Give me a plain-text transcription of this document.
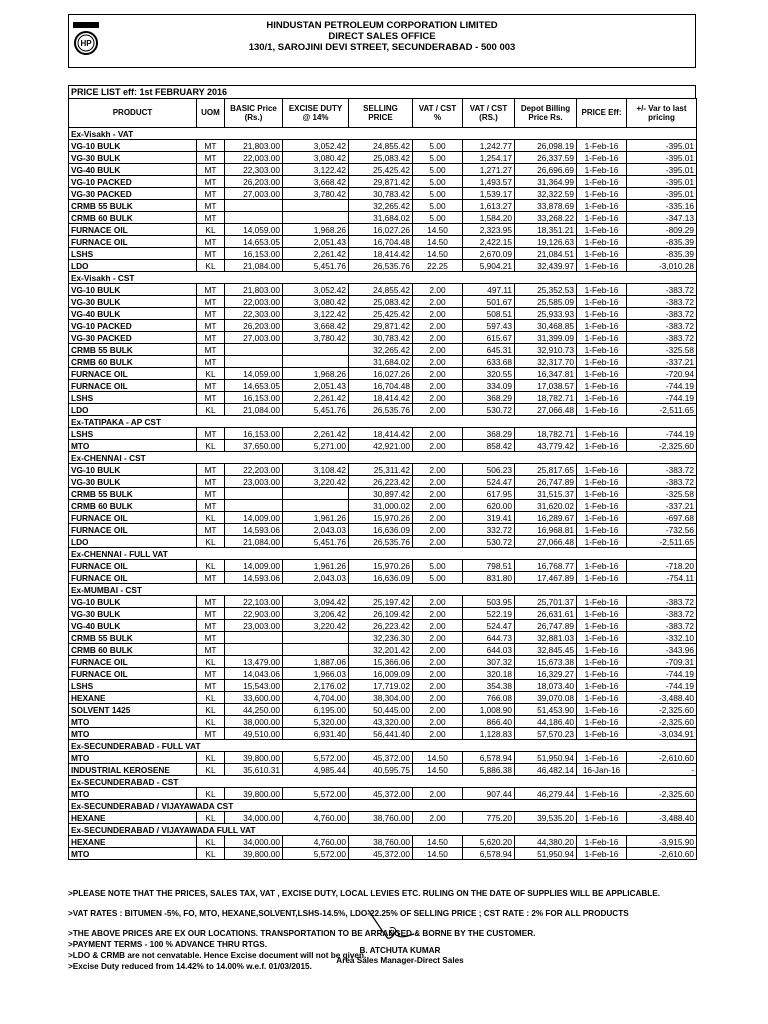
HP
HINDUSTAN PETROLEUM CORPORATION LIMITED
DIRECT SALES OFFICE
130/1, SAROJINI DEVI STREET, SECUNDERABAD - 500 003
PRICE LIST eff: 1st FEBRUARY 2016
PRODUCT	UOM	BASIC Price (Rs.)	EXCISE DUTY @ 14%	SELLING PRICE	VAT / CST %	VAT / CST (RS.)	Depot Billing Price Rs.	PRICE Eff:	+/- Var to last pricing
Ex-Visakh - VAT									
VG-10 BULK	MT	21,803.00	3,052.42	24,855.42	5.00	1,242.77	26,098.19	1-Feb-16	-395.01
VG-30 BULK	MT	22,003.00	3,080.42	25,083.42	5.00	1,254.17	26,337.59	1-Feb-16	-395.01
VG-40 BULK	MT	22,303.00	3,122.42	25,425.42	5.00	1,271.27	26,696.69	1-Feb-16	-395.01
VG-10 PACKED	MT	26,203.00	3,668.42	29,871.42	5.00	1,493.57	31,364.99	1-Feb-16	-395.01
VG-30 PACKED	MT	27,003.00	3,780.42	30,783.42	5.00	1,539.17	32,322.59	1-Feb-16	-395.01
CRMB 55 BULK	MT			32,265.42	5.00	1,613.27	33,878.69	1-Feb-16	-335.16
CRMB 60 BULK	MT			31,684.02	5.00	1,584.20	33,268.22	1-Feb-16	-347.13
FURNACE OIL	KL	14,059.00	1,968.26	16,027.26	14.50	2,323.95	18,351.21	1-Feb-16	-809.29
FURNACE OIL	MT	14,653.05	2,051.43	16,704.48	14.50	2,422.15	19,126.63	1-Feb-16	-835.39
LSHS	MT	16,153.00	2,261.42	18,414.42	14.50	2,670.09	21,084.51	1-Feb-16	-835.39
LDO	KL	21,084.00	5,451.76	26,535.76	22.25	5,904.21	32,439.97	1-Feb-16	-3,010.28
Ex-Visakh - CST									
VG-10 BULK	MT	21,803.00	3,052.42	24,855.42	2.00	497.11	25,352.53	1-Feb-16	-383.72
VG-30 BULK	MT	22,003.00	3,080.42	25,083.42	2.00	501.67	25,585.09	1-Feb-16	-383.72
VG-40 BULK	MT	22,303.00	3,122.42	25,425.42	2.00	508.51	25,933.93	1-Feb-16	-383.72
VG-10 PACKED	MT	26,203.00	3,668.42	29,871.42	2.00	597.43	30,468.85	1-Feb-16	-383.72
VG-30 PACKED	MT	27,003.00	3,780.42	30,783.42	2.00	615.67	31,399.09	1-Feb-16	-383.72
CRMB 55 BULK	MT			32,265.42	2.00	645.31	32,910.73	1-Feb-16	-325.58
CRMB 60 BULK	MT			31,684.02	2.00	633.68	32,317.70	1-Feb-16	-337.21
FURNACE OIL	KL	14,059.00	1,968.26	16,027.26	2.00	320.55	16,347.81	1-Feb-16	-720.94
FURNACE OIL	MT	14,653.05	2,051.43	16,704.48	2.00	334.09	17,038.57	1-Feb-16	-744.19
LSHS	MT	16,153.00	2,261.42	18,414.42	2.00	368.29	18,782.71	1-Feb-16	-744.19
LDO	KL	21,084.00	5,451.76	26,535.76	2.00	530.72	27,066.48	1-Feb-16	-2,511.65
Ex-TATIPAKA - AP CST									
LSHS	MT	16,153.00	2,261.42	18,414.42	2.00	368.29	18,782.71	1-Feb-16	-744.19
MTO	KL	37,650.00	5,271.00	42,921.00	2.00	858.42	43,779.42	1-Feb-16	-2,325.60
Ex-CHENNAI - CST									
VG-10 BULK	MT	22,203.00	3,108.42	25,311.42	2.00	506.23	25,817.65	1-Feb-16	-383.72
VG-30 BULK	MT	23,003.00	3,220.42	26,223.42	2.00	524.47	26,747.89	1-Feb-16	-383.72
CRMB 55 BULK	MT			30,897.42	2.00	617.95	31,515.37	1-Feb-16	-325.58
CRMB 60 BULK	MT			31,000.02	2.00	620.00	31,620.02	1-Feb-16	-337.21
FURNACE OIL	KL	14,009.00	1,961.26	15,970.26	2.00	319.41	16,289.67	1-Feb-16	-697.68
FURNACE OIL	MT	14,593.06	2,043.03	16,636.09	2.00	332.72	16,968.81	1-Feb-16	-732.56
LDO	KL	21,084.00	5,451.76	26,535.76	2.00	530.72	27,066.48	1-Feb-16	-2,511.65
Ex-CHENNAI - FULL VAT									
FURNACE OIL	KL	14,009.00	1,961.26	15,970.26	5.00	798.51	16,768.77	1-Feb-16	-718.20
FURNACE OIL	MT	14,593.06	2,043.03	16,636.09	5.00	831.80	17,467.89	1-Feb-16	-754.11
Ex-MUMBAI - CST									
VG-10 BULK	MT	22,103.00	3,094.42	25,197.42	2.00	503.95	25,701.37	1-Feb-16	-383.72
VG-30 BULK	MT	22,903.00	3,206.42	26,109.42	2.00	522.19	26,631.61	1-Feb-16	-383.72
VG-40 BULK	MT	23,003.00	3,220.42	26,223.42	2.00	524.47	26,747.89	1-Feb-16	-383.72
CRMB 55 BULK	MT			32,236.30	2.00	644.73	32,881.03	1-Feb-16	-332.10
CRMB 60 BULK	MT			32,201.42	2.00	644.03	32,845.45	1-Feb-16	-343.96
FURNACE OIL	KL	13,479.00	1,887.06	15,366.06	2.00	307.32	15,673.38	1-Feb-16	-709.31
FURNACE OIL	MT	14,043.06	1,966.03	16,009.09	2.00	320.18	16,329.27	1-Feb-16	-744.19
LSHS	MT	15,543.00	2,176.02	17,719.02	2.00	354.38	18,073.40	1-Feb-16	-744.19
HEXANE	KL	33,600.00	4,704.00	38,304.00	2.00	766.08	39,070.08	1-Feb-16	-3,488.40
SOLVENT 1425	KL	44,250.00	6,195.00	50,445.00	2.00	1,008.90	51,453.90	1-Feb-16	-2,325.60
MTO	KL	38,000.00	5,320.00	43,320.00	2.00	866.40	44,186.40	1-Feb-16	-2,325.60
MTO	MT	49,510.00	6,931.40	56,441.40	2.00	1,128.83	57,570.23	1-Feb-16	-3,034.91
Ex-SECUNDERABAD - FULL VAT									
MTO	KL	39,800.00	5,572.00	45,372.00	14.50	6,578.94	51,950.94	1-Feb-16	-2,610.60
INDUSTRIAL KEROSENE	KL	35,610.31	4,985.44	40,595.75	14.50	5,886.38	46,482.14	16-Jan-16	-
Ex-SECUNDERABAD - CST									
MTO	KL	39,800.00	5,572.00	45,372.00	2.00	907.44	46,279.44	1-Feb-16	-2,325.60
Ex-SECUNDERABAD / VIJAYAWADA CST									
HEXANE	KL	34,000.00	4,760.00	38,760.00	2.00	775.20	39,535.20	1-Feb-16	-3,488.40
Ex-SECUNDERABAD / VIJAYAWADA FULL VAT									
HEXANE	KL	34,000.00	4,760.00	38,760.00	14.50	5,620.20	44,380.20	1-Feb-16	-3,915.90
MTO	KL	39,800.00	5,572.00	45,372.00	14.50	6,578.94	51,950.94	1-Feb-16	-2,610.60

>PLEASE NOTE THAT THE PRICES, SALES TAX, VAT , EXCISE DUTY, LOCAL LEVIES ETC. RULING ON THE DATE OF SUPPLIES WILL BE APPLICABLE.

>VAT RATES : BITUMEN -5%, FO, MTO, HEXANE,SOLVENT,LSHS-14.5%, LDO-22.25% OF SELLING PRICE ; CST RATE : 2% FOR ALL PRODUCTS

>THE ABOVE PRICES ARE EX OUR LOCATIONS. TRANSPORTATION TO BE ARRANGED & BORNE BY THE CUSTOMER.

>PAYMENT TERMS - 100 % ADVANCE THRU RTGS.

>LDO & CRMB are not cenvatable. Hence Excise document will not be given.

>Excise Duty reduced from 14.42% to 14.00% w.e.f. 01/03/2015.

B. ATCHUTA KUMAR
Area Sales Manager-Direct Sales
